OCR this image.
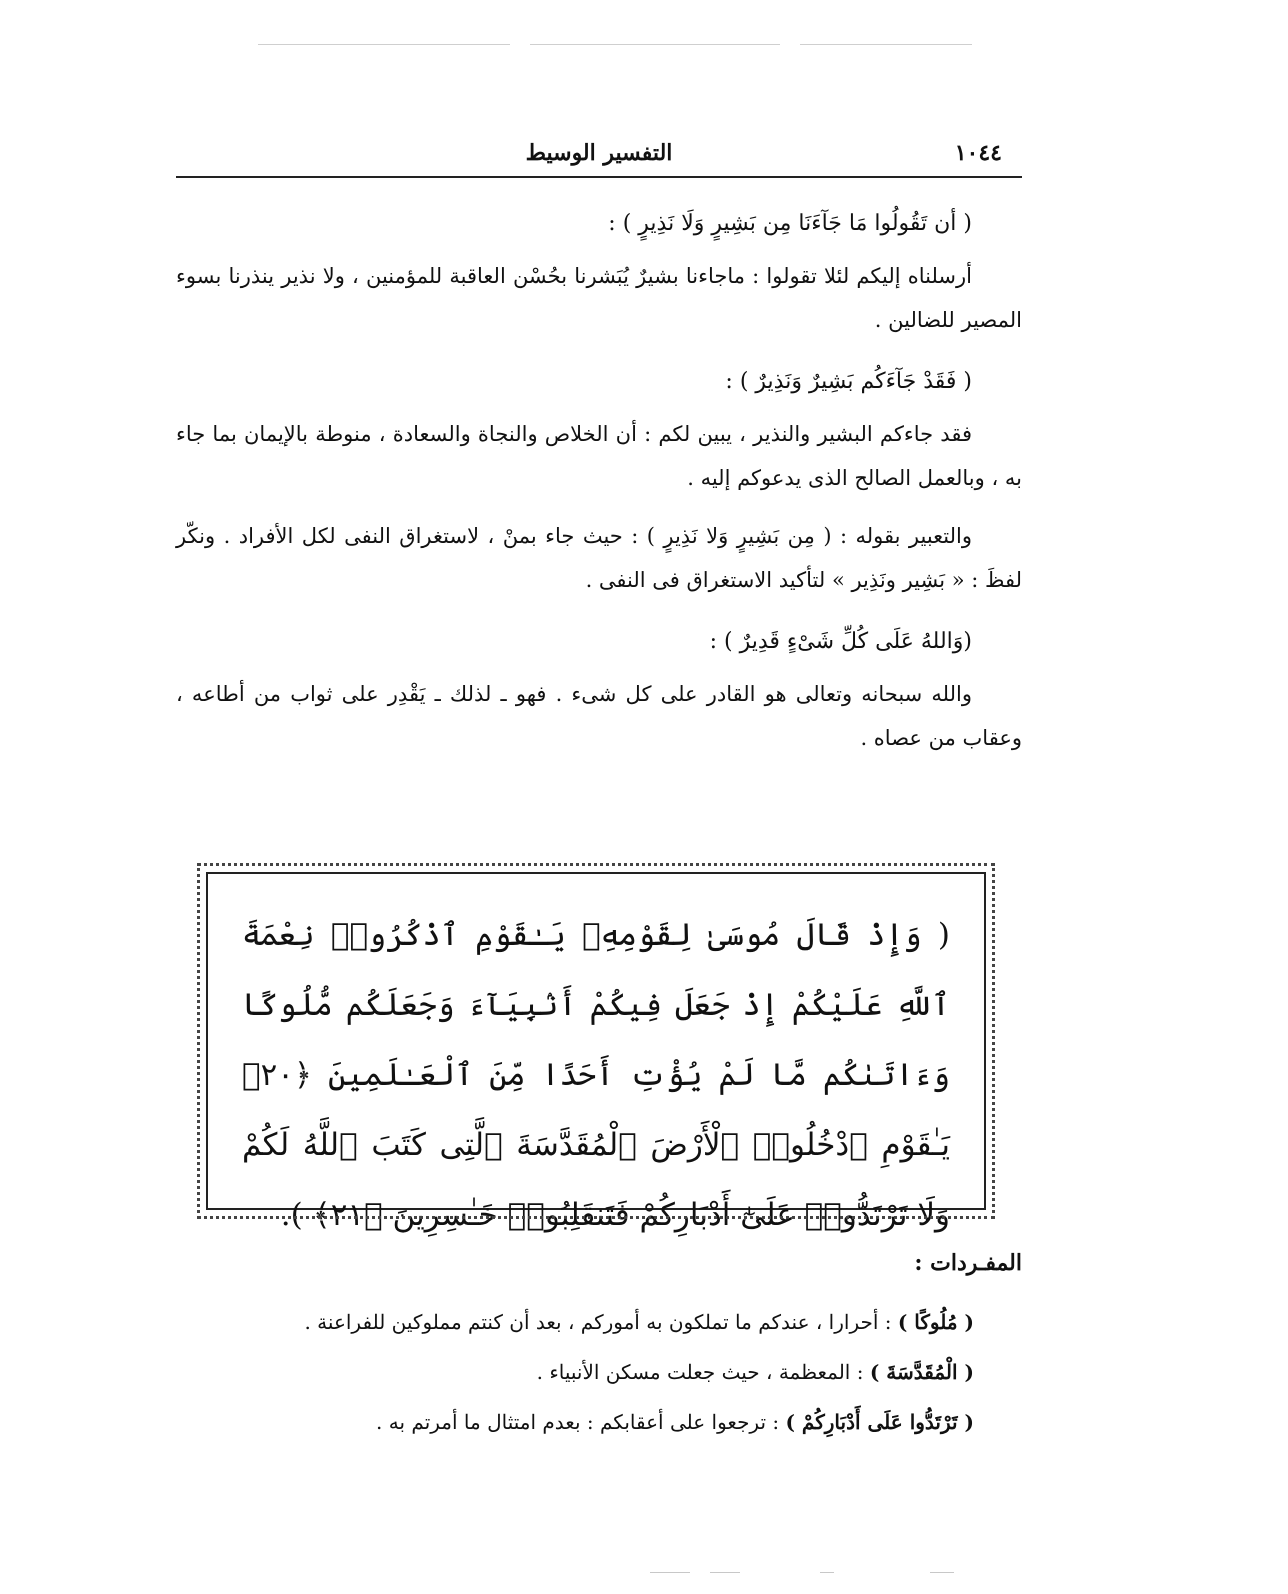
١٠٤٤
التفسير الوسيط
( أن تَقُولُوا مَا جَآءَنَا مِن بَشِيرٍ وَلَا نَذِيرٍ ) :

أرسلناه إليكم لئلا تقولوا : ماجاءنا بشيرٌ يُبَشرنا بحُسْن العاقبة للمؤمنين ، ولا نذير ينذرنا بسوء المصير للضالين .

( فَقَدْ جَآءَكُم بَشِيرٌ وَنَذِيرٌ ) :

فقد جاءكم البشير والنذير ، يبين لكم : أن الخلاص والنجاة والسعادة ، منوطة بالإيمان بما جاء به ، وبالعمل الصالح الذى يدعوكم إليه .

والتعبير بقوله : ( مِن بَشِيرٍ وَلا نَذِيرٍ ) : حيث جاء بمنْ ، لاستغراق النفى لكل الأفراد . ونكّر لفظَ : « بَشِير ونَذِير » لتأكيد الاستغراق فى النفى .

(وَاللهُ عَلَى كُلِّ شَىْءٍ قَدِيرٌ ) :

والله سبحانه وتعالى هو القادر على كل شىء . فهو ـ لذلك ـ يَقْدِر على ثواب من أطاعه ، وعقاب من عصاه .

( وَإِذْ قَالَ مُوسَىٰ لِقَوْمِهِۦ يَـٰقَوْمِ ٱذْكُرُوا۟ نِعْمَةَ ٱللَّهِ عَلَيْكُمْ إِذْ جَعَلَ فِيكُمْ أَنۢبِيَآءَ وَجَعَلَكُم مُّلُوكًا وَءَاتَىٰكُم مَّا لَمْ يُؤْتِ أَحَدًا مِّنَ ٱلْعَـٰلَمِينَ ﴿٢٠﴾ يَـٰقَوْمِ ٱدْخُلُوا۟ ٱلْأَرْضَ ٱلْمُقَدَّسَةَ ٱلَّتِى كَتَبَ ٱللَّهُ لَكُمْ وَلَا تَرْتَدُّوا۟ عَلَىٰٓ أَدْبَارِكُمْ فَتَنقَلِبُوا۟ خَـٰسِرِينَ ﴿٢١﴾ ).

المفـردات :
( مُلُوكًا ) : أحرارا ، عندكم ما تملكون به أموركم ، بعد أن كنتم مملوكين للفراعنة .
( الْمُقَدَّسَةَ ) : المعظمة ، حيث جعلت مسكن الأنبياء .
( تَرْتَدُّوا عَلَى أَدْبَارِكُمْ ) : ترجعوا على أعقابكم : بعدم امتثال ما أمرتم به .
